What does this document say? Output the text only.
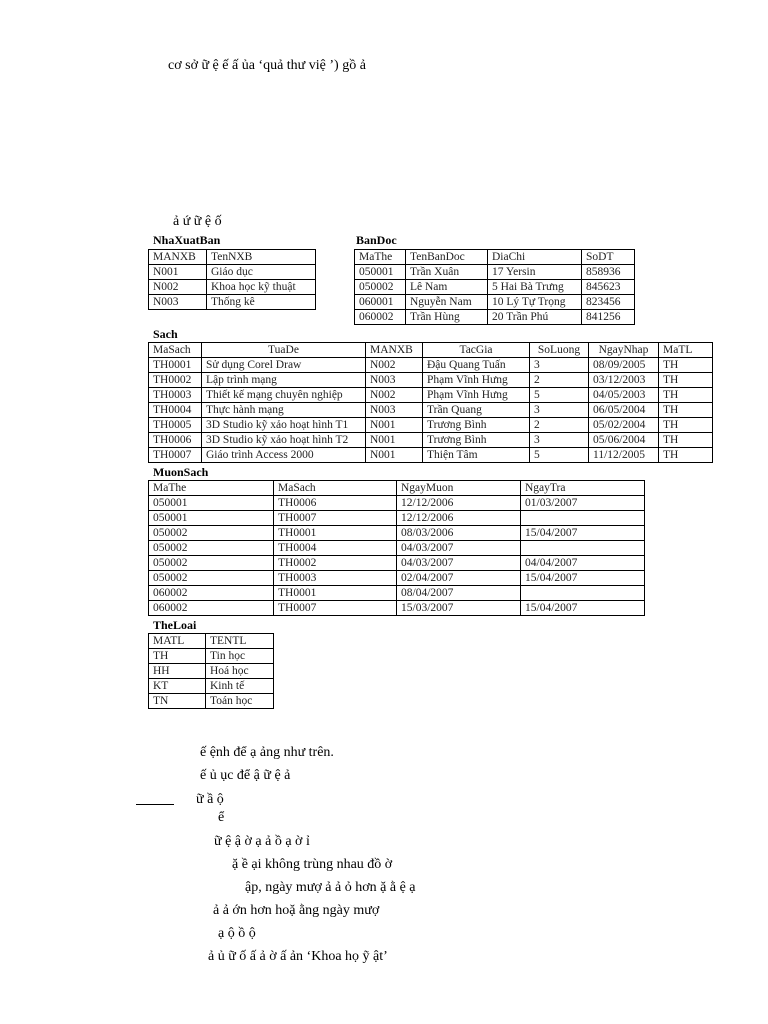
cơ sở ữ ệ ế ấ ủa ‘quả thư việ ’) gồ ả
ả ứ ữ ệ ố
NhaXuatBan
MANXB	TenNXB
N001	Giáo dục
N002	Khoa học kỹ thuật
N003	Thống kê
BanDoc
MaThe	TenBanDoc	DiaChi	SoDT
050001	Trần Xuân	17 Yersin	858936
050002	Lê Nam	5 Hai Bà Trưng	845623
060001	Nguyễn Nam	10 Lý Tự Trọng	823456
060002	Trần Hùng	20 Trần Phú	841256
Sach
MaSach	TuaDe	MANXB	TacGia	SoLuong	NgayNhap	MaTL
TH0001	Sử dụng Corel Draw	N002	Đậu Quang Tuấn	3	08/09/2005	TH
TH0002	Lập trình mạng	N003	Phạm Vĩnh Hưng	2	03/12/2003	TH
TH0003	Thiết kế mạng chuyên nghiệp	N002	Phạm Vĩnh Hưng	5	04/05/2003	TH
TH0004	Thực hành mạng	N003	Trần Quang	3	06/05/2004	TH
TH0005	3D Studio kỹ xảo hoạt hình T1	N001	Trương Bình	2	05/02/2004	TH
TH0006	3D Studio kỹ xảo hoạt hình T2	N001	Trương Bình	3	05/06/2004	TH
TH0007	Giáo trình Access 2000	N001	Thiện Tâm	5	11/12/2005	TH
MuonSach
MaThe	MaSach	NgayMuon	NgayTra
050001	TH0006	12/12/2006	01/03/2007
050001	TH0007	12/12/2006	
050002	TH0001	08/03/2006	15/04/2007
050002	TH0004	04/03/2007	
050002	TH0002	04/03/2007	04/04/2007
050002	TH0003	02/04/2007	15/04/2007
060002	TH0001	08/04/2007	
060002	TH0007	15/03/2007	15/04/2007
TheLoai
MATL	TENTL
TH	Tin học
HH	Hoá học
KT	Kinh tế
TN	Toán học
ế ệnh để ạ ảng như trên.
ế ủ ục để ậ ữ ệ ả
ữ ầ ộ
ể
ữ ệ ậ ờ ạ ả ồ ạ ờ ỉ
ặ ề ại không trùng nhau đồ ờ
ập, ngày mượ ả ả ỏ hơn ặ ằ ệ ạ
ả ả ớn hơn hoặ ằng ngày mượ
ạ ộ ồ ộ
ả ủ ữ ố ấ ả ờ ấ ản ‘Khoa họ ỹ ật’
